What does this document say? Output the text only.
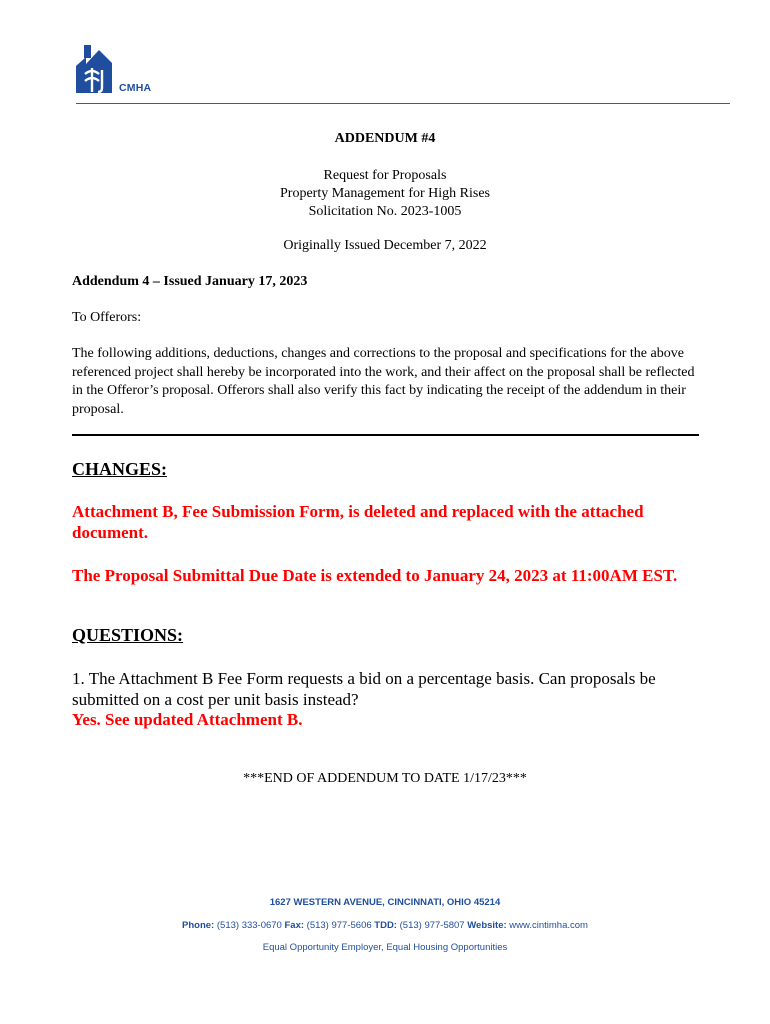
CMHA
ADDENDUM #4
Request for Proposals
Property Management for High Rises
Solicitation No. 2023-1005
Originally Issued December 7, 2022
Addendum 4 – Issued January 17, 2023
To Offerors:
The following additions, deductions, changes and corrections to the proposal and specifications for the above referenced project shall hereby be incorporated into the work, and their affect on the proposal shall be reflected in the Offeror’s proposal. Offerors shall also verify this fact by indicating the receipt of the addendum in their proposal.
CHANGES:
Attachment B, Fee Submission Form, is deleted and replaced with the attached document.
The Proposal Submittal Due Date is extended to January 24, 2023 at 11:00AM EST.
QUESTIONS:
1. The Attachment B Fee Form requests a bid on a percentage basis. Can proposals be submitted on a cost per unit basis instead?
Yes. See updated Attachment B.
***END OF ADDENDUM TO DATE 1/17/23***
1627 WESTERN AVENUE, CINCINNATI, OHIO 45214
Phone: (513) 333-0670 Fax: (513) 977-5606 TDD: (513) 977-5807 Website: www.cintimha.com
Equal Opportunity Employer, Equal Housing Opportunities
